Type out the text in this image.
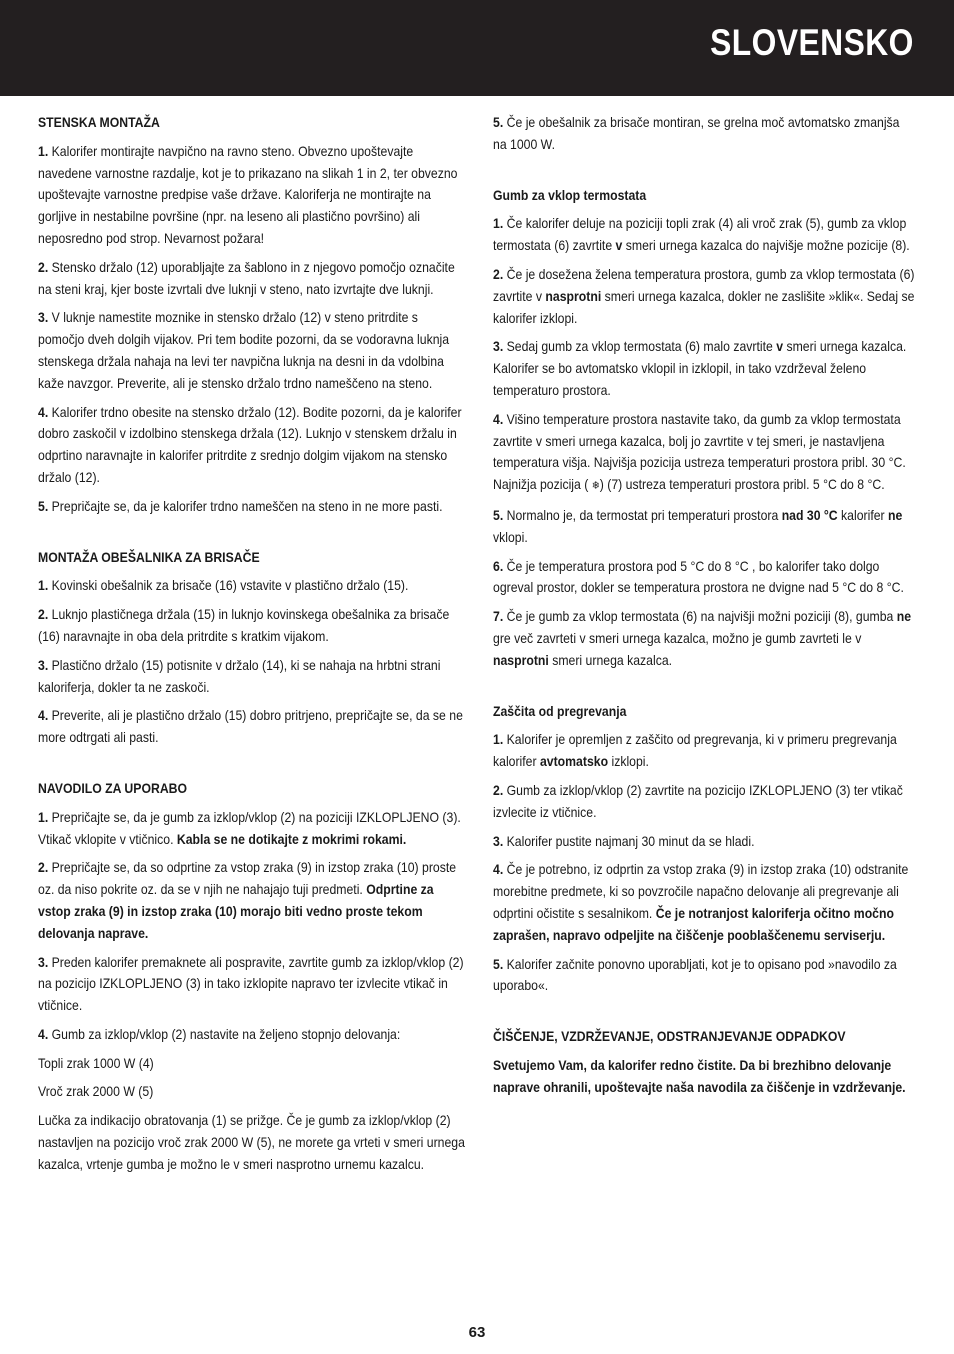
SLOVENSKO
STENSKA MONTAŽA

1. Kalorifer montirajte navpično na ravno steno. Obvezno upoštevajte navedene varnostne razdalje, kot je to prikazano na slikah 1 in 2, ter obvezno upoštevajte varnostne predpise vaše države. Kaloriferja ne montirajte na gorljive in nestabilne površine (npr. na leseno ali plastično površino) ali neposredno pod strop. Nevarnost požara!

2. Stensko držalo (12) uporabljajte za šablono in z njegovo pomočjo označite na steni kraj, kjer boste izvrtali dve luknji v steno, nato izvrtajte dve luknji.

3. V luknje namestite moznike in stensko držalo (12) v steno pritrdite s pomočjo dveh dolgih vijakov. Pri tem bodite pozorni, da se vodoravna luknja stenskega držala nahaja na levi ter navpična luknja na desni in da vdolbina kaže navzgor. Preverite, ali je stensko držalo trdno nameščeno na steno.

4. Kalorifer trdno obesite na stensko držalo (12). Bodite pozorni, da je kalorifer dobro zaskočil v izdolbino stenskega držala (12). Luknjo v stenskem držalu in odprtino naravnajte in kalorifer pritrdite z srednjo dolgim vijakom na stensko držalo (12).

5. Prepričajte se, da je kalorifer trdno nameščen na steno in ne more pasti.

MONTAŽA OBEŠALNIKA ZA BRISAČE

1. Kovinski obešalnik za brisače (16) vstavite v plastično držalo (15).

2. Luknjo plastičnega držala (15) in luknjo kovinskega obešalnika za brisače (16) naravnajte in oba dela pritrdite s kratkim vijakom.

3. Plastično držalo (15) potisnite v držalo (14), ki se nahaja na hrbtni strani kaloriferja, dokler ta ne zaskoči.

4. Preverite, ali je plastično držalo (15) dobro pritrjeno, prepričajte se, da se ne more odtrgati ali pasti.

NAVODILO ZA UPORABO

1. Prepričajte se, da je gumb za izklop/vklop (2) na poziciji IZKLOPLJENO (3). Vtikač vklopite v vtičnico. Kabla se ne dotikajte z mokrimi rokami.

2. Prepričajte se, da so odprtine za vstop zraka (9) in izstop zraka (10) proste oz. da niso pokrite oz. da se v njih ne nahajajo tuji predmeti. Odprtine za vstop zraka (9) in izstop zraka (10) morajo biti vedno proste tekom delovanja naprave.

3. Preden kalorifer premaknete ali pospravite, zavrtite gumb za izklop/vklop (2) na pozicijo IZKLOPLJENO (3) in tako izklopite napravo ter izvlecite vtikač in vtičnice.

4. Gumb za izklop/vklop (2) nastavite na željeno stopnjo delovanja:

Topli zrak 1000 W (4)

Vroč zrak 2000 W (5)

Lučka za indikacijo obratovanja (1) se prižge. Če je gumb za izklop/vklop (2) nastavljen na pozicijo vroč zrak 2000 W (5), ne morete ga vrteti v smeri urnega kazalca, vrtenje gumba je možno le v smeri nasprotno urnemu kazalcu.

5. Če je obešalnik za brisače montiran, se grelna moč avtomatsko zmanjša na 1000 W.

Gumb za vklop termostata

1. Če kalorifer deluje na poziciji topli zrak (4) ali vroč zrak (5), gumb za vklop termostata (6) zavrtite v smeri urnega kazalca do najvišje možne pozicije (8).

2. Če je dosežena želena temperatura prostora, gumb za vklop termostata (6) zavrtite v nasprotni smeri urnega kazalca, dokler ne zaslišite »klik«. Sedaj se kalorifer izklopi.

3. Sedaj gumb za vklop termostata (6) malo zavrtite v smeri urnega kazalca. Kalorifer se bo avtomatsko vklopil in izklopil, in tako vzdrževal želeno temperaturo prostora.

4. Višino temperature prostora nastavite tako, da gumb za vklop termostata zavrtite v smeri urnega kazalca, bolj jo zavrtite v tej smeri, je nastavljena temperatura višja. Najvišja pozicija ustreza temperaturi prostora pribl. 30 °C. Najnižja pozicija ( ❄) (7) ustreza temperaturi prostora pribl. 5 °C do 8 °C.

5. Normalno je, da termostat pri temperaturi prostora nad 30 °C kalorifer ne vklopi.

6. Če je temperatura prostora pod 5 °C do 8 °C , bo kalorifer tako dolgo ogreval prostor, dokler se temperatura prostora ne dvigne nad 5 °C do 8 °C.

7. Če je gumb za vklop termostata (6) na najvišji možni poziciji (8), gumba ne gre več zavrteti v smeri urnega kazalca, možno je gumb zavrteti le v nasprotni smeri urnega kazalca.

Zaščita od pregrevanja

1. Kalorifer je opremljen z zaščito od pregrevanja, ki v primeru pregrevanja kalorifer avtomatsko izklopi.

2. Gumb za izklop/vklop (2) zavrtite na pozicijo IZKLOPLJENO (3) ter vtikač izvlecite iz vtičnice.

3. Kalorifer pustite najmanj 30 minut da se hladi.

4. Če je potrebno, iz odprtin za vstop zraka (9) in izstop zraka (10) odstranite morebitne predmete, ki so povzročile napačno delovanje ali pregrevanje ali odprtini očistite s sesalnikom. Če je notranjost kaloriferja očitno močno zaprašen, napravo odpeljite na čiščenje pooblaščenemu serviserju.

5. Kalorifer začnite ponovno uporabljati, kot je to opisano pod »navodilo za uporabo«.

ČIŠČENJE, VZDRŽEVANJE, ODSTRANJEVANJE ODPADKOV

Svetujemo Vam, da kalorifer redno čistite. Da bi brezhibno delovanje naprave ohranili, upoštevajte naša navodila za čiščenje in vzdrževanje.

63
